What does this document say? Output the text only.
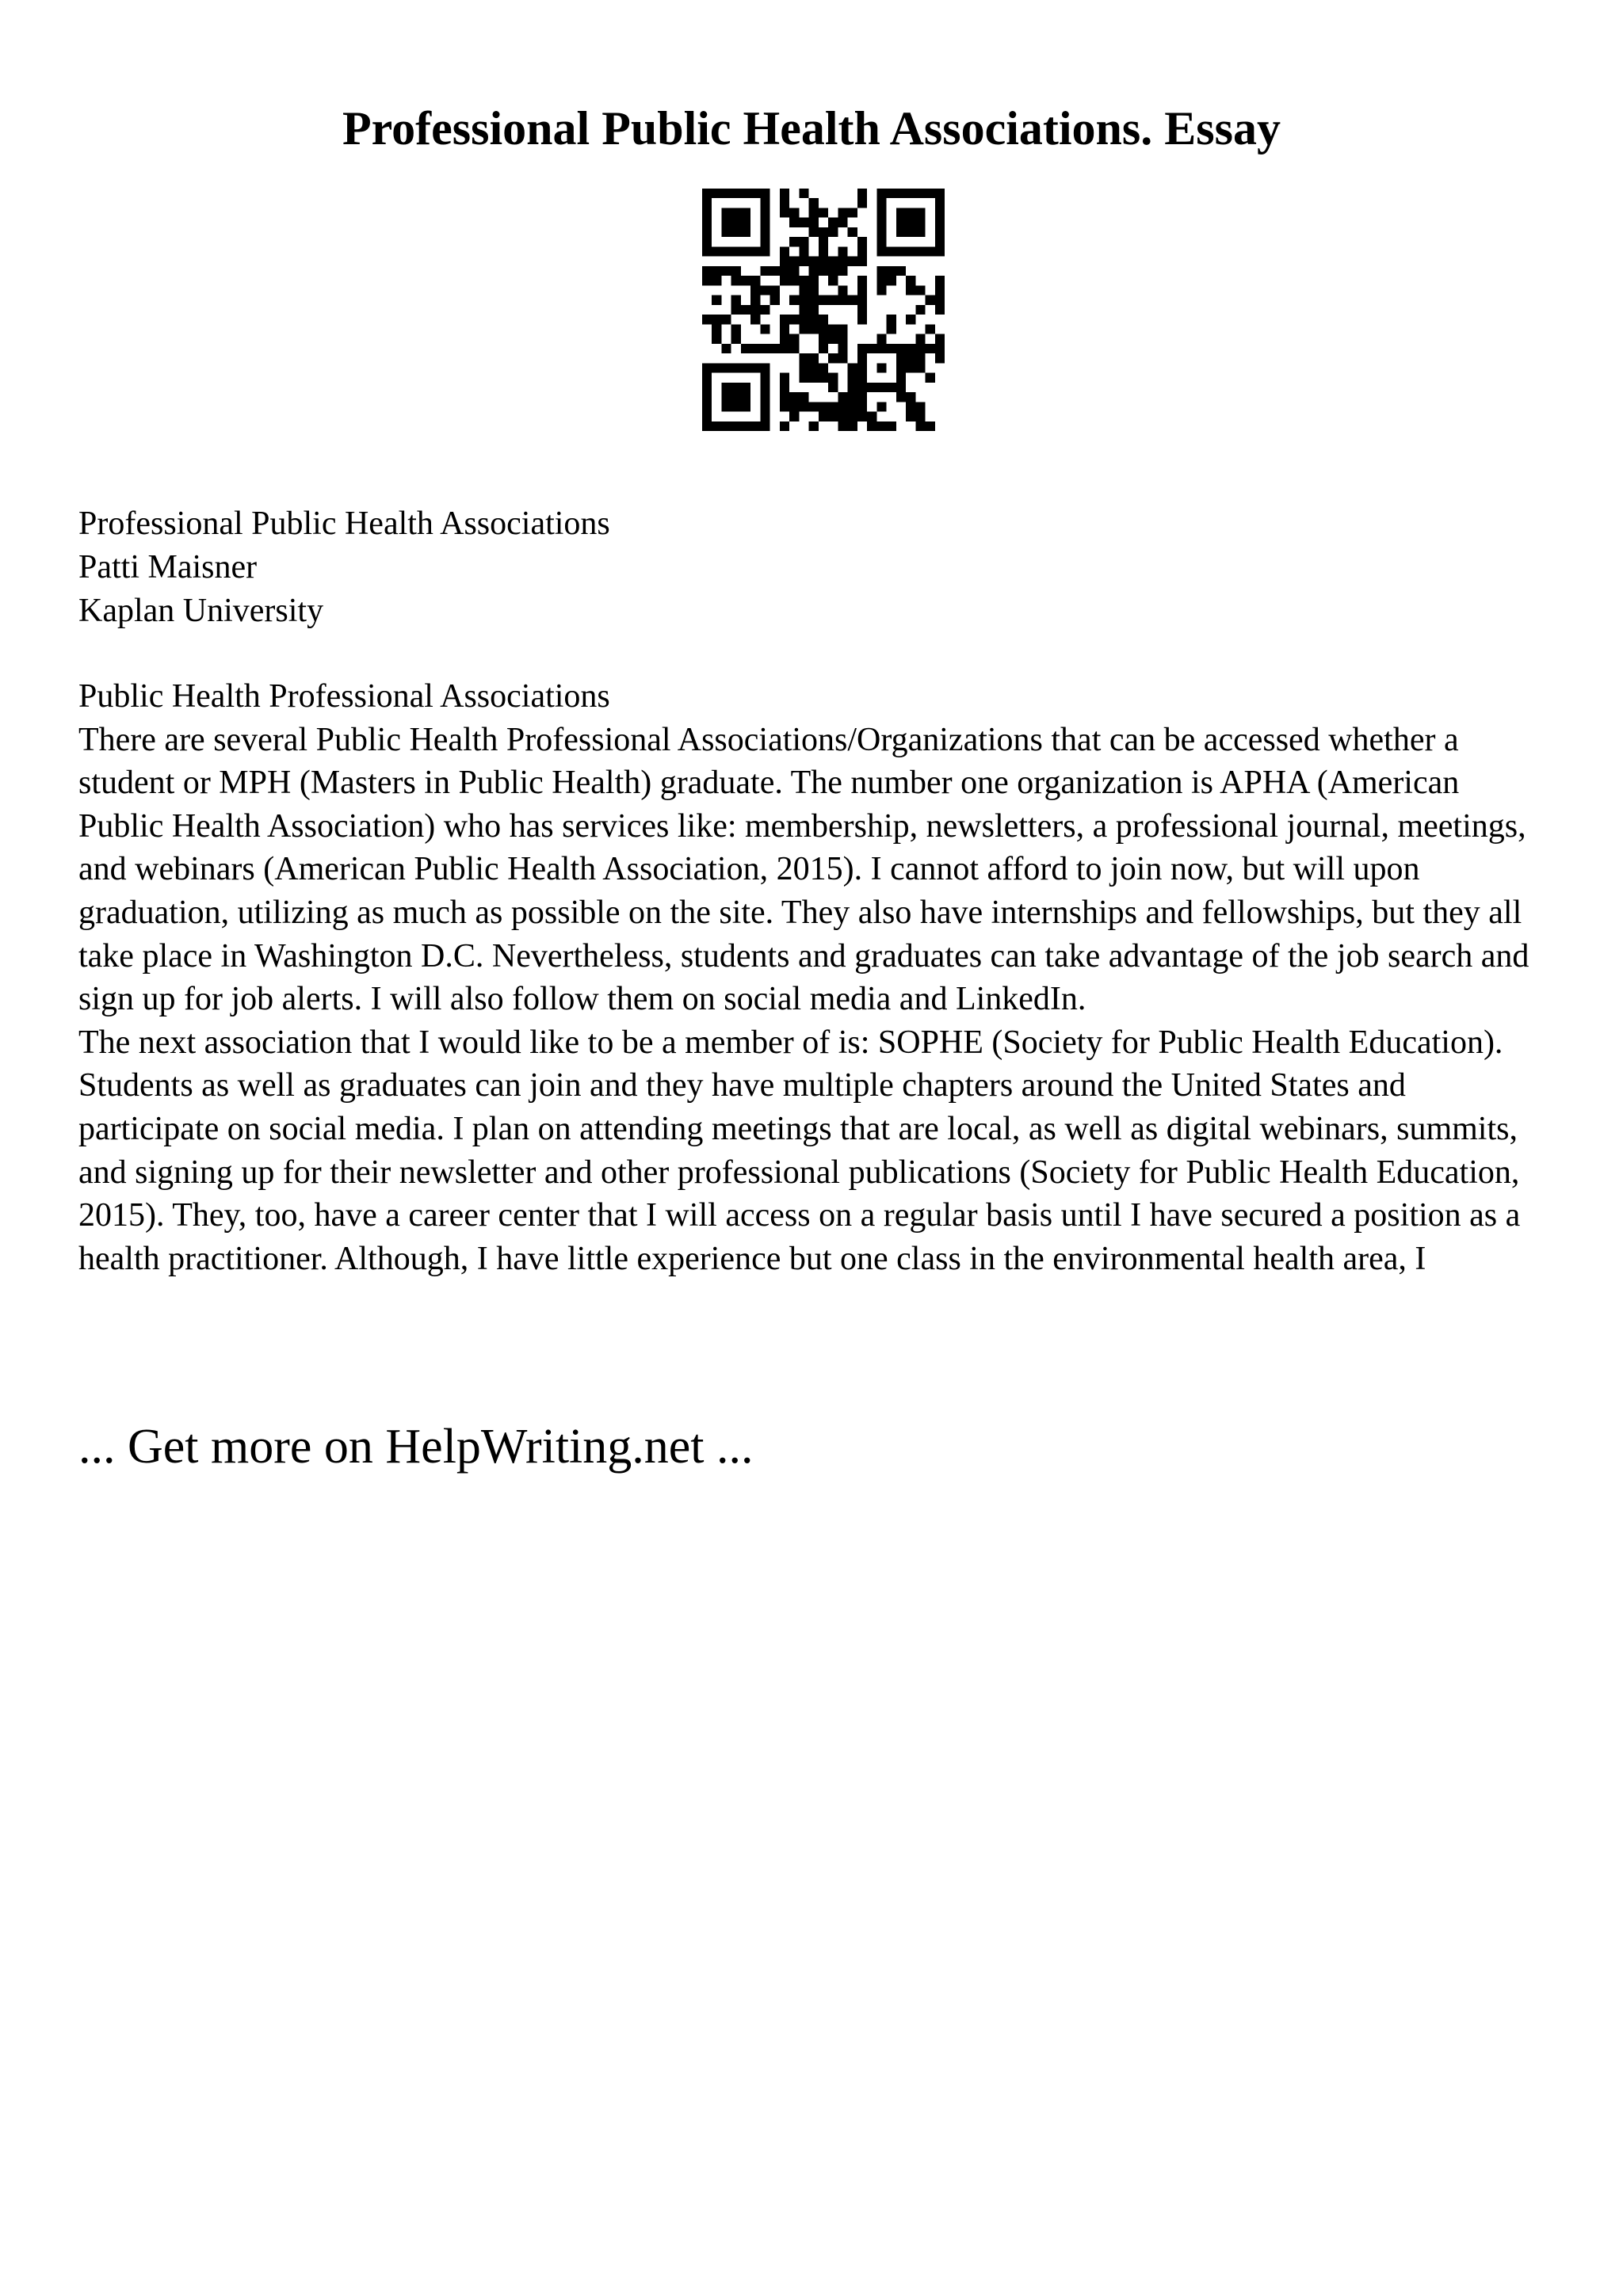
Professional Public Health Associations. Essay
Professional Public Health Associations
Patti Maisner
Kaplan University

Public Health Professional Associations

There are several Public Health Professional Associations/Organizations that can be accessed whether a student or MPH (Masters in Public Health) graduate. The number one organization is APHA (American Public Health Association) who has services like: membership, newsletters, a professional journal, meetings, and webinars (American Public Health Association, 2015). I cannot afford to join now, but will upon graduation, utilizing as much as possible on the site. They also have internships and fellowships, but they all take place in Washington D.C. Nevertheless, students and graduates can take advantage of the job search and sign up for job alerts. I will also follow them on social media and LinkedIn.

The next association that I would like to be a member of is: SOPHE (Society for Public Health Education). Students as well as graduates can join and they have multiple chapters around the United States and participate on social media. I plan on attending meetings that are local, as well as digital webinars, summits, and signing up for their newsletter and other professional publications (Society for Public Health Education, 2015). They, too, have a career center that I will access on a regular basis until I have secured a position as a health practitioner. Although, I have little experience but one class in the environmental health area, I

... Get more on HelpWriting.net ...
